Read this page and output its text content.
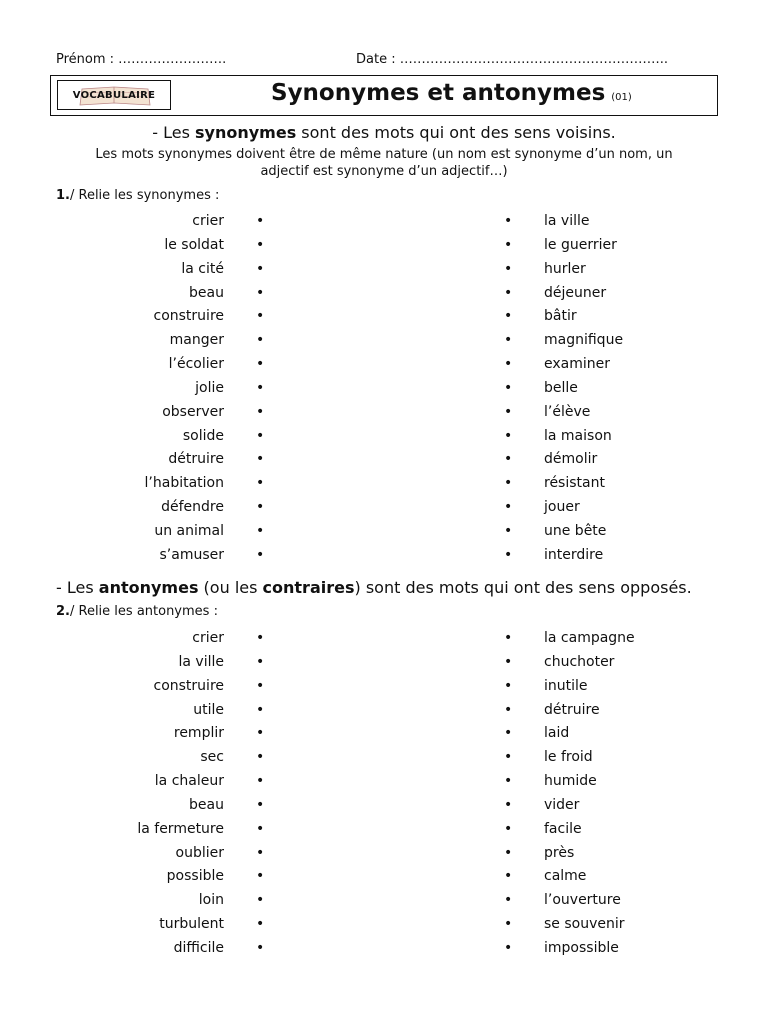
Prénom : …………………….	Date : ……………………………………………………..
VOCABULAIRE	Synonymes et antonymes (01)
- Les synonymes sont des mots qui ont des sens voisins.

Les mots synonymes doivent être de même nature (un nom est synonyme d’un nom, un

adjectif est synonyme d’un adjectif…)

1./ Relie les synonymes :
crier •	• la ville
le soldat •	• le guerrier
la cité •	• hurler
beau •	• déjeuner
construire •	• bâtir
manger •	• magnifique
l’écolier •	• examiner
jolie •	• belle
observer •	• l’élève
solide •	• la maison
détruire •	• démolir
l’habitation •	• résistant
défendre •	• jouer
un animal •	• une bête
s’amuser •	• interdire
- Les antonymes (ou les contraires) sont des mots qui ont des sens opposés.
2./ Relie les antonymes :
crier •	• la campagne
la ville •	• chuchoter
construire •	• inutile
utile •	• détruire
remplir •	• laid
sec •	• le froid
la chaleur •	• humide
beau •	• vider
la fermeture •	• facile
oublier •	• près
possible •	• calme
loin •	• l’ouverture
turbulent •	• se souvenir
difficile •	• impossible
